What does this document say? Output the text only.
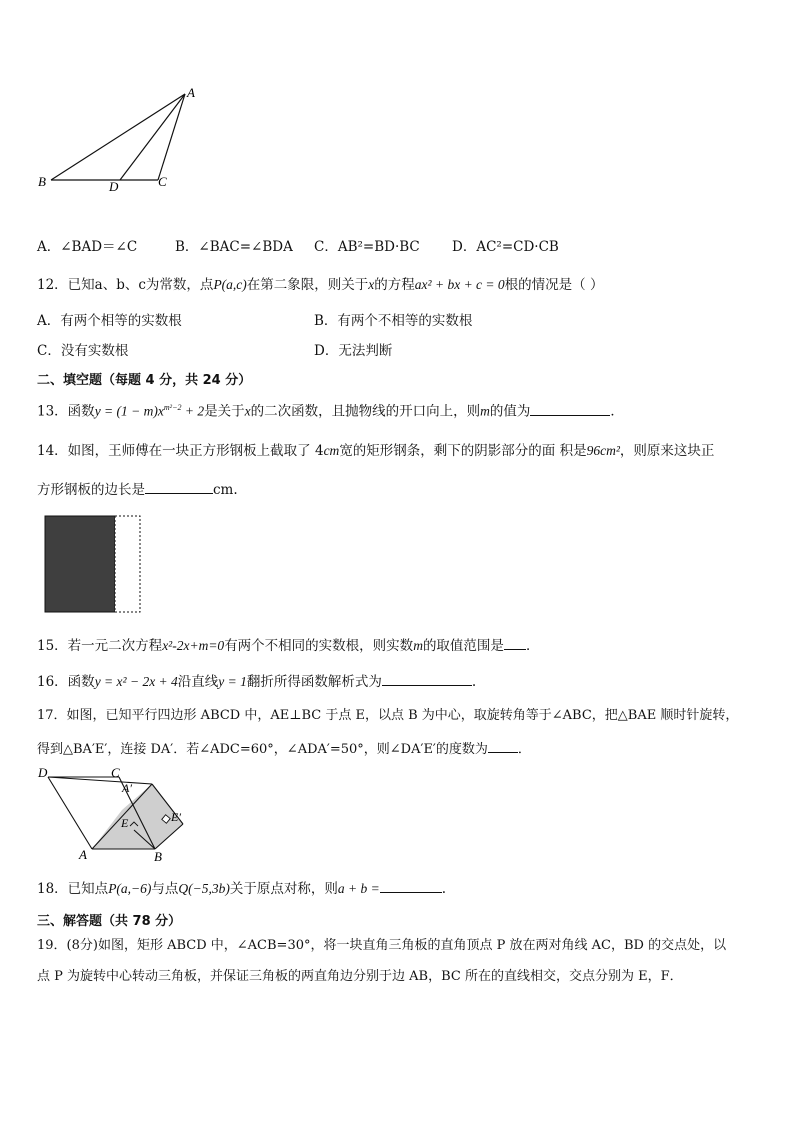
A
B	D	C
A．∠BAD＝∠C	B．∠BAC=∠BDA C．AB²=BD·BC D．AC²=CD·CB
12．已知a、b、c为常数，点P(a,c)在第二象限，则关于x的方程ax² + bx + c = 0根的情况是（ ）
A．有两个相等的实数根	B．有两个不相等的实数根
C．没有实数根	D．无法判断
二、填空题（每题 4 分，共 24 分）
13．函数$y = (1 - m)x^{m^2-2} + 2$是关于x的二次函数，且抛物线的开口向上，则m的值为	．
14．如图，王师傅在一块正方形钢板上截取了 4cm宽的矩形钢条，剩下的阴影部分的面 积是96cm²，则原来这块正
方形钢板的边长是	cm.
15．若一元二次方程x²-2x+m=0有两个不相同的实数根，则实数m的取值范围是 ．
16．函数y = x² − 2x + 4沿直线y = 1翻折所得函数解析式为	.
17．如图，已知平行四边形 ABCD 中，AE⊥BC 于点 E，以点 B 为中心，取旋转角等于∠ABC，把△BAE 顺时针旋转，
得到△BA′E′，连接 DA′．若∠ADC=60°，∠ADA′=50°，则∠DA′E′的度数为 ．
D	C
A′
E	E′
A	B
18．已知点P(a,−6)与点Q(−5,3b)关于原点对称，则a + b =	.
三、解答题（共 78 分）
19．(8分)如图，矩形 ABCD 中，∠ACB=30°，将一块直角三角板的直角顶点 P 放在两对角线 AC，BD 的交点处，以
点 P 为旋转中心转动三角板，并保证三角板的两直角边分别于边 AB，BC 所在的直线相交，交点分别为 E，F．
